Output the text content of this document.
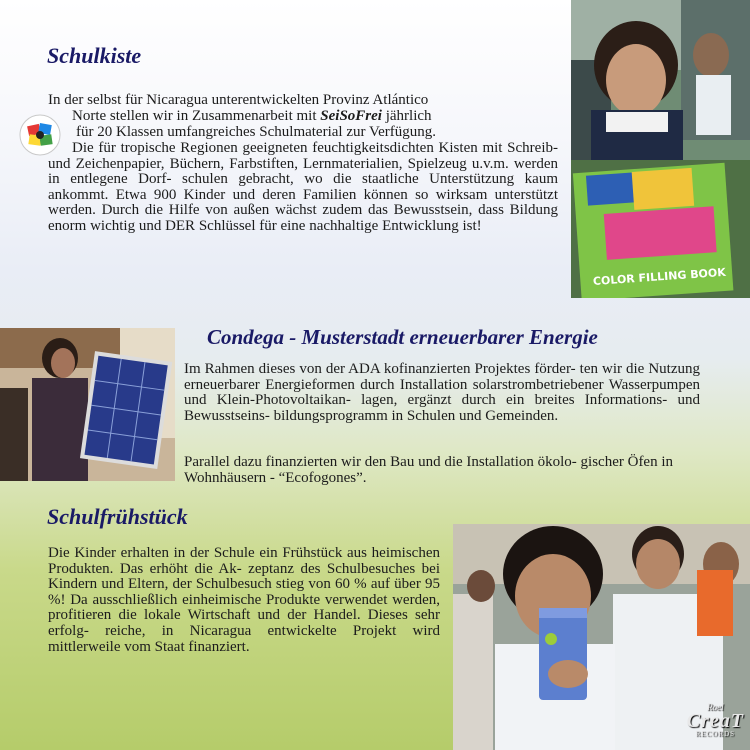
Schulkiste

In der selbst für Nicaragua unterentwickelten Provinz Atlántico

Norte stellen wir in Zusammenarbeit mit SeiSoFrei jährlich

für 20 Klassen umfangreiches Schulmaterial zur Verfügung.

Die für tropische Regionen geeigneten feuchtigkeitsdichten Kisten mit Schreib- und Zeichenpapier, Büchern, Farbstiften, Lernmaterialien, Spielzeug u.v.m. werden in entlegene Dorf- schulen gebracht, wo die staatliche Unterstützung kaum ankommt. Etwa 900 Kinder und deren Familien können so wirksam unterstützt werden. Durch die Hilfe von außen wächst zudem das Bewusstsein, dass Bildung enorm wichtig und DER Schlüssel für eine nachhaltige Entwicklung ist!

COLOR FILLING BOOK
Condega - Musterstadt erneuerbarer Energie

Im Rahmen dieses von der ADA kofinanzierten Projektes förder- ten wir die Nutzung erneuerbarer Energieformen durch Installation solarstrombetriebener Wasserpumpen und Klein-Photovoltaikan- lagen, ergänzt durch ein breites Informations- und Bewusstseins- bildungsprogramm in Schulen und Gemeinden.

Parallel dazu finanzierten wir den Bau und die Installation ökolo- gischer Öfen in Wohnhäusern - “Ecofogones”.

Schulfrühstück

Die Kinder erhalten in der Schule ein Frühstück aus heimischen Produkten. Das erhöht die Ak- zeptanz des Schulbesuches bei Kindern und Eltern, der Schulbesuch stieg von 60 % auf über 95 %! Da ausschließlich einheimische Produkte verwendet werden, profitieren die lokale Wirtschaft und der Handel. Dieses sehr erfolg- reiche, in Nicaragua entwickelte Projekt wird mittlerweile vom Staat finanziert.

Roel
CreaT
RECORDS
